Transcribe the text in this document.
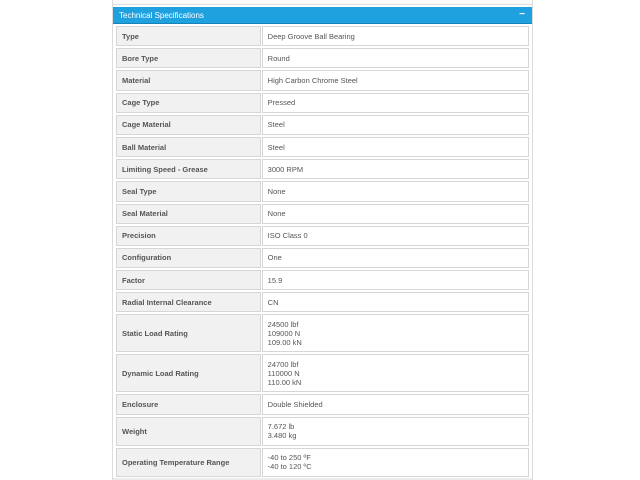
Technical Specifications	−
Type	Deep Groove Ball Bearing
Bore Type	Round
Material	High Carbon Chrome Steel
Cage Type	Pressed
Cage Material	Steel
Ball Material	Steel
Limiting Speed - Grease	3000 RPM
Seal Type	None
Seal Material	None
Precision	ISO Class 0
Configuration	One
Factor	15.9
Radial Internal Clearance	CN
Static Load Rating
24500 lbf
109000 N
109.00 kN
Dynamic Load Rating
24700 lbf
110000 N
110.00 kN
Enclosure	Double Shielded
Weight	7.672 lb
3.480 kg
Operating Temperature Range	-40 to 250 ºF
-40 to 120 ºC
